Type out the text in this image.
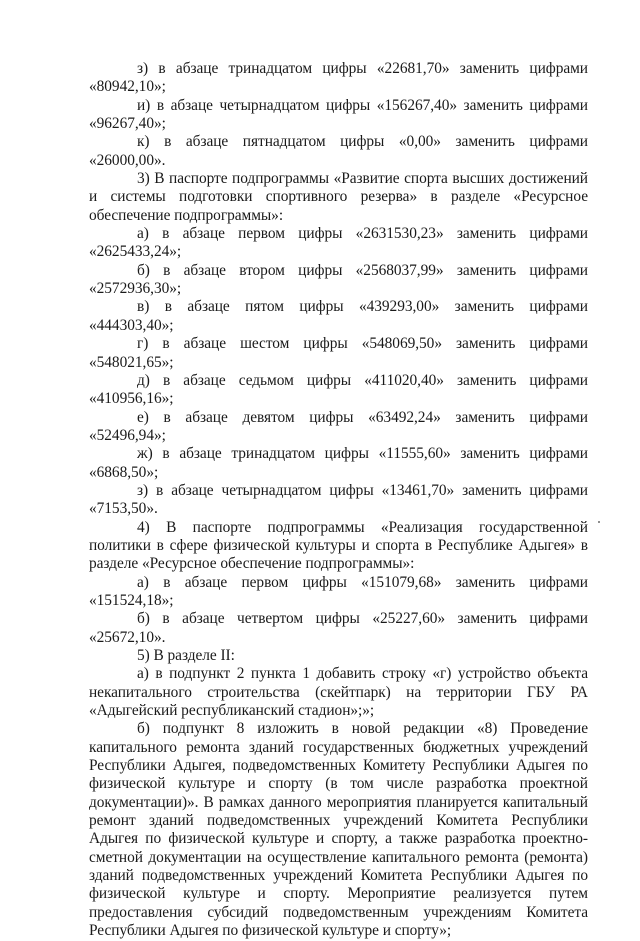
з) в абзаце тринадцатом цифры «22681,70» заменить цифрами «80942,10»;

и) в абзаце четырнадцатом цифры «156267,40» заменить цифрами «96267,40»;

к) в абзаце пятнадцатом цифры «0,00» заменить цифрами «26000,00».

3) В паспорте подпрограммы «Развитие спорта высших достижений и системы подготовки спортивного резерва» в разделе «Ресурсное обеспечение подпрограммы»:

а) в абзаце первом цифры «2631530,23» заменить цифрами «2625433,24»;

б) в абзаце втором цифры «2568037,99» заменить цифрами «2572936,30»;

в) в абзаце пятом цифры «439293,00» заменить цифрами «444303,40»;

г) в абзаце шестом цифры «548069,50» заменить цифрами «548021,65»;

д) в абзаце седьмом цифры «411020,40» заменить цифрами «410956,16»;

е) в абзаце девятом цифры «63492,24» заменить цифрами «52496,94»;

ж) в абзаце тринадцатом цифры «11555,60» заменить цифрами «6868,50»;

з) в абзаце четырнадцатом цифры «13461,70» заменить цифрами «7153,50».

4) В паспорте подпрограммы «Реализация государственной политики в сфере физической культуры и спорта в Республике Адыгея» в разделе «Ресурсное обеспечение подпрограммы»:

а) в абзаце первом цифры «151079,68» заменить цифрами «151524,18»;

б) в абзаце четвертом цифры «25227,60» заменить цифрами «25672,10».

5) В разделе II:

а) в подпункт 2 пункта 1 добавить строку «г) устройство объекта некапитального строительства (скейтпарк) на территории ГБУ РА «Адыгейский республиканский стадион»;»;

б) подпункт 8 изложить в новой редакции «8) Проведение капитального ремонта зданий государственных бюджетных учреждений Республики Адыгея, подведомственных Комитету Республики Адыгея по физической культуре и спорту (в том числе разработка проектной документации)». В рамках данного мероприятия планируется капитальный ремонт зданий подведомственных учреждений Комитета Республики Адыгея по физической культуре и спорту, а также разработка проектно-сметной документации на осуществление капитального ремонта (ремонта) зданий подведомственных учреждений Комитета Республики Адыгея по физической культуре и спорту. Мероприятие реализуется путем предоставления субсидий подведомственным учреждениям Комитета Республики Адыгея по физической культуре и спорту»;
